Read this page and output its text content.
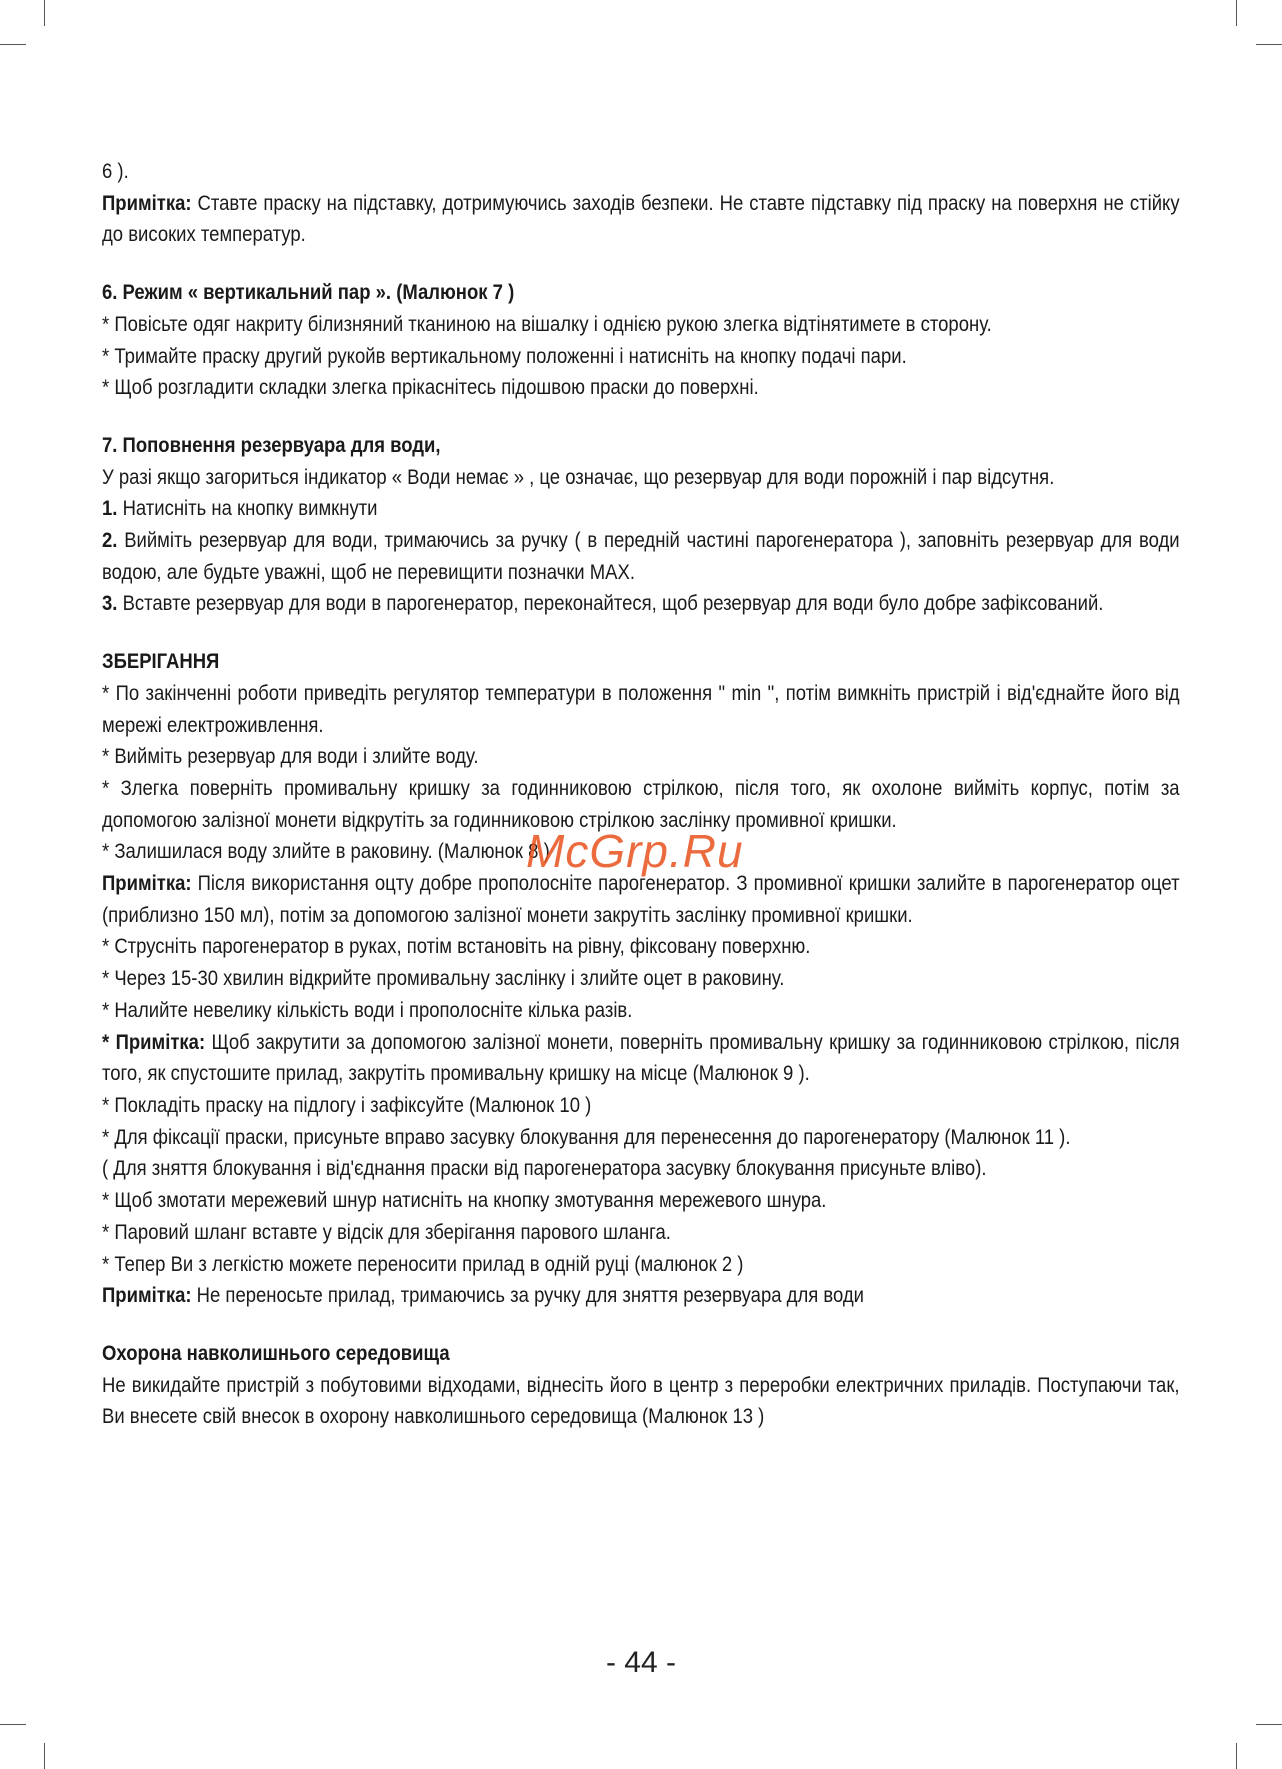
6 ).

Примітка: Ставте праску на підставку, дотримуючись заходів безпеки. Не ставте підставку під праску на поверхня не стійку до високих температур.

6. Режим « вертикальний пар ». (Малюнок 7 )

* Повісьте одяг накриту білизняний тканиною на вішалку і однією рукою злегка відтінятимете в сторону.

* Тримайте праску другий рукойв вертикальному положенні і натисніть на кнопку подачі пари.

* Щоб розгладити складки злегка прікаснітесь підошвою праски до поверхні.

7. Поповнення резервуара для води,

У разі якщо загориться індикатор « Води немає » , це означає, що резервуар для води порожній і пар відсутня.

1. Натисніть на кнопку вимкнути

2. Вийміть резервуар для води, тримаючись за ручку ( в передній частині парогенератора ), заповніть резервуар для води водою, але будьте уважні, щоб не перевищити позначки MAX.

3. Вставте резервуар для води в парогенератор, переконайтеся, щоб резервуар для води було добре зафіксований.

ЗБЕРІГАННЯ

* По закінченні роботи приведіть регулятор температури в положення " min ", потім вимкніть пристрій і від'єднайте його від мережі електроживлення.

* Вийміть резервуар для води і злийте воду.

* Злегка поверніть промивальну кришку за годинниковою стрілкою, після того, як охолоне вийміть корпус, потім за допомогою залізної монети відкрутіть за годинниковою стрілкою заслінку промивної кришки.

* Залишилася воду злийте в раковину. (Малюнок 8 )

Примітка: Після використання оцту добре прополосніте парогенератор. З промивної кришки залийте в парогенератор оцет (приблизно 150 мл), потім за допомогою залізної монети закрутіть заслінку промивної кришки.

* Струсніть парогенератор в руках, потім встановіть на рівну, фіксовану поверхню.

* Через 15-30 хвилин відкрийте промивальну заслінку і злийте оцет в раковину.

* Налийте невелику кількість води і прополосніте кілька разів.

* Примітка: Щоб закрутити за допомогою залізної монети, поверніть промивальну кришку за годинниковою стрілкою, після того, як спустошите прилад, закрутіть промивальну кришку на місце (Малюнок 9 ).

* Покладіть праску на підлогу і зафіксуйте (Малюнок 10 )

* Для фіксації праски, присуньте вправо засувку блокування для перенесення до парогенератору (Малюнок 11 ).

( Для зняття блокування і від'єднання праски від парогенератора засувку блокування присуньте вліво).

* Щоб змотати мережевий шнур натисніть на кнопку змотування мережевого шнура.

* Паровий шланг вставте у відсік для зберігання парового шланга.

* Тепер Ви з легкістю можете переносити прилад в одній руці (малюнок 2 )

Примітка: Не переносьте прилад, тримаючись за ручку для зняття резервуара для води

Охорона навколишнього середовища

Не викидайте пристрій з побутовими відходами, віднесіть його в центр з переробки електричних приладів. Поступаючи так, Ви внесете свій внесок в охорону навколишнього середовища (Малюнок 13 )

McGrp.Ru
- 44 -
